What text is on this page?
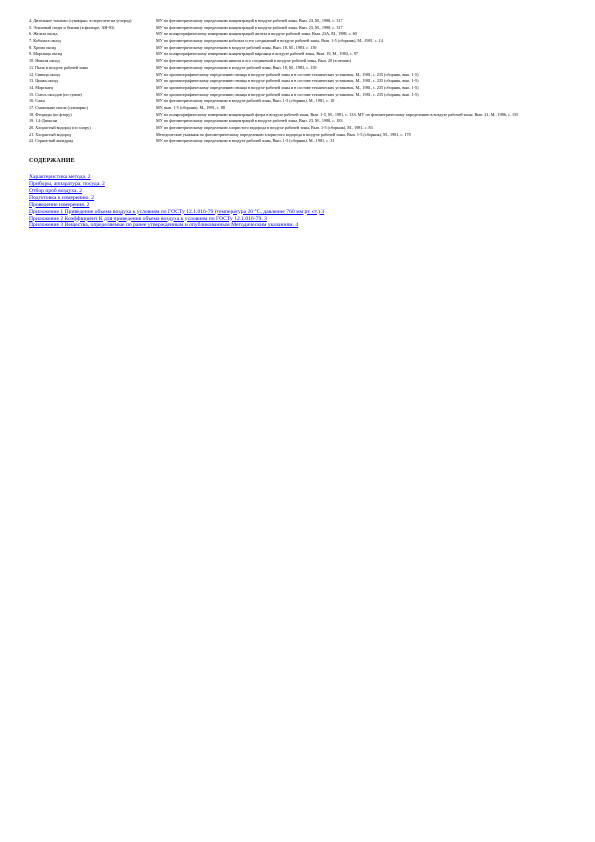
4. Дизельное топливо (суммарно, в пересчете на углерод)	МУ по фотометрическому определению концентраций в воздухе рабочей зоны, Вып. 23, М., 1988, с. 317
5. Этиловый спирт и бензин (в фильтре, АИ-93)	МУ по фотометрическому определению концентраций в воздухе рабочей зоны, Вып. 23, М., 1988, с. 317
6. Железа оксид	МУ по полярографическому измерению концентраций железа в воздухе рабочей зоны, Вып. 23А, М., 1988, с. 60
7. Кобальта оксид	МУ по фотометрическому определению кобальта и его соединений в воздухе рабочей зоны, Вып. 1-5 (сборник), М., 1981, с. 14
8. Хрома оксид	МУ по фотометрическому определению в воздухе рабочей зоны, Вып. 18, М., 1983, с. 139
9. Марганца оксид	МУ по полярографическому измерению концентраций марганца в воздухе рабочей зоны, Вып. 19, М., 1984, с. 97
10. Никеля оксид	МУ по фотометрическому определению никеля и его соединений в воздухе рабочей зоны, Вып. 20 (в печати)
11. Пыль в воздухе рабочей зоны	МУ по фотометрическому определению в воздухе рабочей зоны, Вып. 18, М., 1983, с. 139
12. Свинца оксид	МУ по хроматографическому определению свинца в воздухе рабочей зоны и в составе технических установок, М., 1981, с. 235 (сборник, вып. 1-5)
13. Цинка оксид	МУ по хроматографическому определению свинца в воздухе рабочей зоны и в составе технических установок, М., 1981, с. 235 (сборник, вып. 1-5)
14. Марганец	МУ по хроматографическому определению свинца в воздухе рабочей зоны и в составе технических установок, М., 1981, с. 235 (сборник, вып. 1-5)
15. Смесь оксидов (по сумме)	МУ по хроматографическому определению свинца в воздухе рабочей зоны и в составе технических установок, М., 1981, с. 235 (сборник, вып. 1-5)
16. Сажа	МУ по фотометрическому определению в воздухе рабочей зоны, Вып. 1-5 (сборник), М., 1981, с. 18
17. Смазочные масла (суммарно)	МУ, вып. 1-5 (сборник), М., 1981, с. 88
18. Фториды (по фтору)	МУ по полярографическому измерению концентраций фтора в воздухе рабочей зоны, Вып. 1-5, М., 1981, с. 133; МУ по фотометрическому определению в воздухе рабочей зоны, Вып. 21, М., 1986, с. 155
19. 1,4-Диоксан	МУ по фотометрическому определению концентраций в воздухе рабочей зоны, Вып. 23, М., 1988, с. 183
20. Хлористый водород (по хлору)	МУ по фотометрическому определению хлористого водорода в воздухе рабочей зоны, Вып. 1-5 (сборник), М., 1981, с. 83
21. Хлористый водород	Методические указания по фотометрическому определению хлористого водорода в воздухе рабочей зоны, Вып. 1-5 (сборник), М., 1981, с. 170
22. Сернистый ангидрид	МУ по фотометрическому определению в воздухе рабочей зоны, Вып. 1-5 (сборник), М., 1981, с. 31
СОДЕРЖАНИЕ
Характеристика метода. 2
Приборы, аппаратура, посуда. 2
Отбор проб воздуха. 2
Подготовка к измерению. 2
Проведение измерения. 2
Приложение 1 Приведение объема воздуха к условиям по ГОСТу 12.1.016-79 (температура 20 °С, давление 760 мм рт. ст.) 3
Приложение 2 Коэффициент К для приведения объема воздуха к условиям по ГОСТу 12.1.016-79. 3
Приложение 3 Вещества, определяемые по ранее утвержденным и опубликованным Методическим указаниям. 4
